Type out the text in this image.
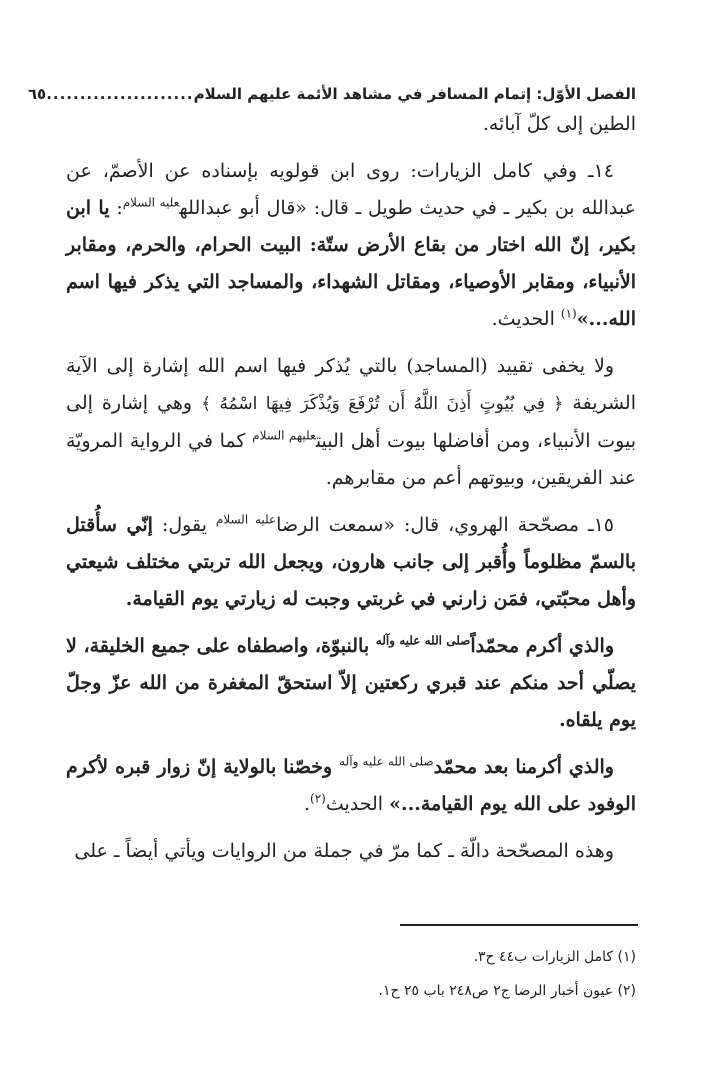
الفصل الأوّل: إتمام المسافر في مشاهد الأئمة عليهم السلام
......................
٦٥

الطين إلى كلّ آبائه.

١٤ـ وفي كامل الزيارات: روى ابن قولويه بإسناده عن الأصمّ، عن عبدالله بن بكير ـ في حديث طويل ـ قال: «قال أبو عبدالله$^{عليه السلام}$: يا ابن بكير، إنّ الله اختار من بقاع الأرض ستّة: البيت الحرام، والحرم، ومقابر الأنبياء، ومقابر الأوصياء، ومقاتل الشهداء، والمساجد التي يذكر فيها اسم الله...»$^{(١)}$ الحديث.

ولا يخفى تقييد (المساجد) بالتي يُذكر فيها اسم الله إشارة إلى الآية الشريفة ﴿ فِي بُيُوتٍ أَذِنَ اللَّهُ أَن تُرْفَعَ وَيُذْكَرَ فِيهَا اسْمُهُ ﴾ وهي إشارة إلى بيوت الأنبياء، ومن أفاضلها بيوت أهل البيت$^{عليهم السلام}$ كما في الرواية المرويّة عند الفريقين، وبيوتهم أعم من مقابرهم.

١٥ـ مصحّحة الهروي، قال: «سمعت الرضا$^{عليه السلام}$ يقول: إنّي سأُقتل بالسمّ مظلوماً وأُقبر إلى جانب هارون، ويجعل الله تربتي مختلف شيعتي وأهل محبّتي، فمَن زارني في غربتي وجبت له زيارتي يوم القيامة.

والذي أكرم محمّداً$^{صلى الله عليه وآله}$ بالنبوّة، واصطفاه على جميع الخليقة، لا يصلّي أحد منكم عند قبري ركعتين إلاّ استحقّ المغفرة من الله عزّ وجلّ يوم يلقاه.

والذي أكرمنا بعد محمّد$^{صلى الله عليه وآله}$ وخصّنا بالولاية إنّ زوار قبره لأكرم الوفود على الله يوم القيامة...» الحديث$^{(٢)}$.

وهذه المصحّحة دالّة ـ كما مرّ في جملة من الروايات ويأتي أيضاً ـ على

(١) كامل الزيارات ب٤٤ ح٣.
(٢) عيون أخبار الرضا ج٢ ص٢٤٨ باب ٢٥ ح١.
